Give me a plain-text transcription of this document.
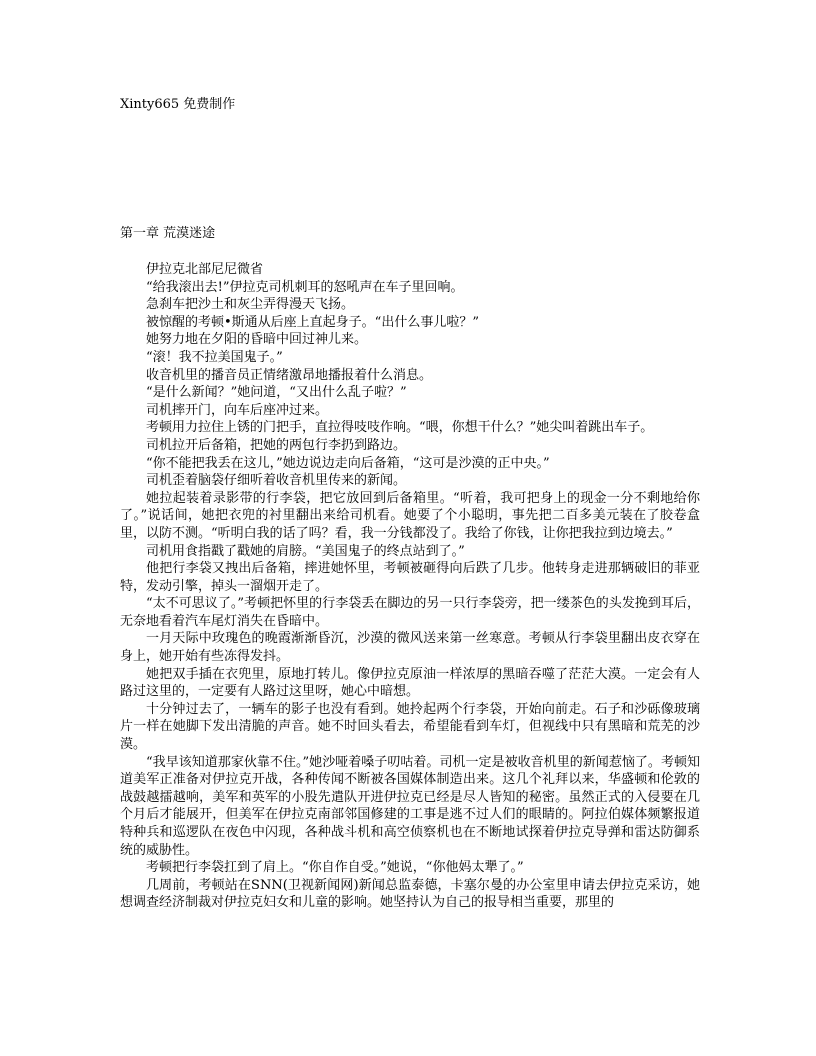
Xinty665 免费制作
第一章 荒漠迷途

伊拉克北部尼尼微省

“给我滚出去!”伊拉克司机刺耳的怒吼声在车子里回响。

急刹车把沙土和灰尘弄得漫天飞扬。

被惊醒的考顿•斯通从后座上直起身子。“出什么事儿啦？”

她努力地在夕阳的昏暗中回过神儿来。

“滚！我不拉美国鬼子。”

收音机里的播音员正情绪激昂地播报着什么消息。

“是什么新闻？”她问道，“又出什么乱子啦？”

司机摔开门，向车后座冲过来。

考顿用力拉住上锈的门把手，直拉得吱吱作响。“喂，你想干什么？”她尖叫着跳出车子。

司机拉开后备箱，把她的两包行李扔到路边。

“你不能把我丢在这儿，”她边说边走向后备箱，“这可是沙漠的正中央。”

司机歪着脑袋仔细听着收音机里传来的新闻。

她拉起装着录影带的行李袋，把它放回到后备箱里。“听着，我可把身上的现金一分不剩地给你了。”说话间，她把衣兜的衬里翻出来给司机看。她要了个小聪明，事先把二百多美元装在了胶卷盒里，以防不测。“听明白我的话了吗？看，我一分钱都没了。我给了你钱，让你把我拉到边境去。”

司机用食指戳了戳她的肩膀。“美国鬼子的终点站到了。”

他把行李袋又拽出后备箱，摔进她怀里，考顿被砸得向后跌了几步。他转身走进那辆破旧的菲亚特，发动引擎，掉头一溜烟开走了。

“太不可思议了。”考顿把怀里的行李袋丢在脚边的另一只行李袋旁，把一缕茶色的头发挽到耳后，无奈地看着汽车尾灯消失在昏暗中。

一月天际中玫瑰色的晚霞渐渐昏沉，沙漠的微风送来第一丝寒意。考顿从行李袋里翻出皮衣穿在身上，她开始有些冻得发抖。

她把双手插在衣兜里，原地打转儿。像伊拉克原油一样浓厚的黑暗吞噬了茫茫大漠。一定会有人路过这里的，一定要有人路过这里呀，她心中暗想。

十分钟过去了，一辆车的影子也没有看到。她拎起两个行李袋，开始向前走。石子和沙砾像玻璃片一样在她脚下发出清脆的声音。她不时回头看去，希望能看到车灯，但视线中只有黑暗和荒芜的沙漠。

“我早该知道那家伙靠不住。”她沙哑着嗓子叨咕着。司机一定是被收音机里的新闻惹恼了。考顿知道美军正准备对伊拉克开战，各种传闻不断被各国媒体制造出来。这几个礼拜以来，华盛顿和伦敦的战鼓越擂越响，美军和英军的小股先遣队开进伊拉克已经是尽人皆知的秘密。虽然正式的入侵要在几个月后才能展开，但美军在伊拉克南部邻国修建的工事是逃不过人们的眼睛的。阿拉伯媒体频繁报道特种兵和巡逻队在夜色中闪现，各种战斗机和高空侦察机也在不断地试探着伊拉克导弹和雷达防御系统的威胁性。

考顿把行李袋扛到了肩上。“你自作自受。”她说，“你他妈太犟了。”

几周前，考顿站在SNN(卫视新闻网)新闻总监泰德，卡塞尔曼的办公室里申请去伊拉克采访，她想调查经济制裁对伊拉克妇女和儿童的影响。她坚持认为自己的报导相当重要，那里的
